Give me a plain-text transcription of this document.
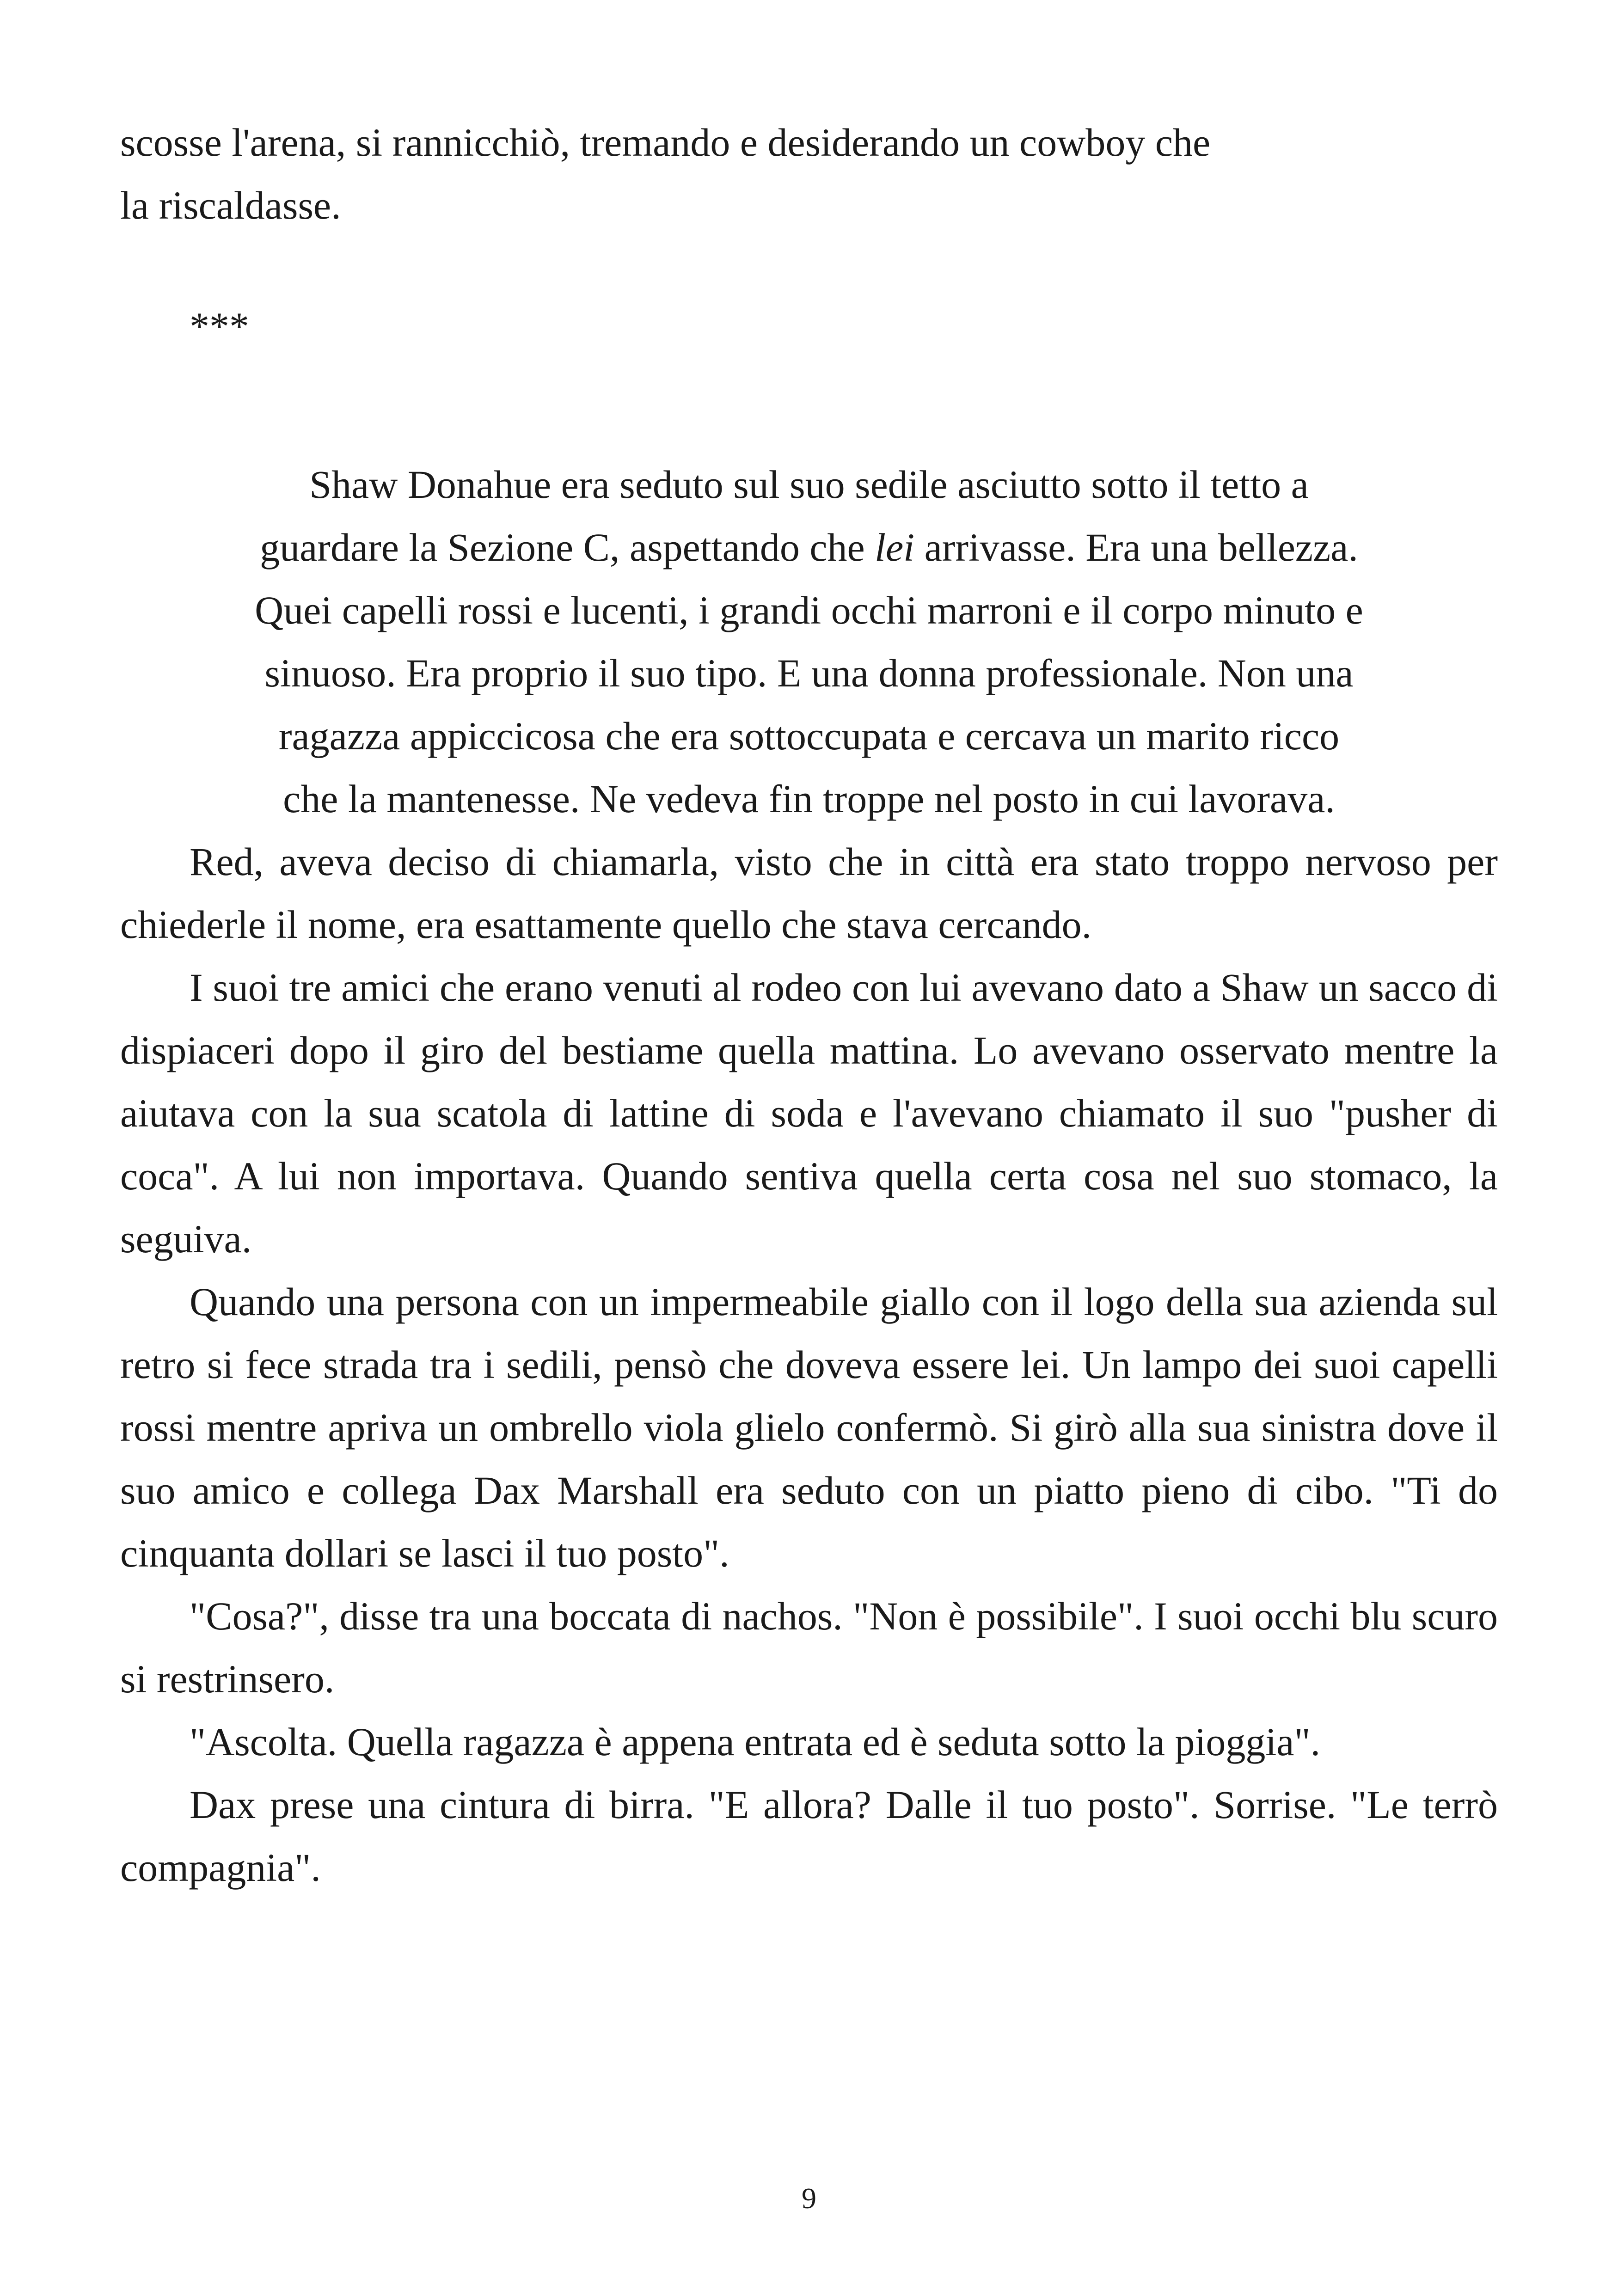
scosse l'arena, si rannicchiò, tremando e desiderando un cowboy che

la riscaldasse.

***

Shaw Donahue era seduto sul suo sedile asciutto sotto il tetto a

guardare la Sezione C, aspettando che lei arrivasse. Era una bellezza.

Quei capelli rossi e lucenti, i grandi occhi marroni e il corpo minuto e

sinuoso. Era proprio il suo tipo. E una donna professionale. Non una

ragazza appiccicosa che era sottoccupata e cercava un marito ricco

che la mantenesse. Ne vedeva fin troppe nel posto in cui lavorava.

Red, aveva deciso di chiamarla, visto che in città era stato troppo nervoso per chiederle il nome, era esattamente quello che stava cercando.

I suoi tre amici che erano venuti al rodeo con lui avevano dato a Shaw un sacco di dispiaceri dopo il giro del bestiame quella mattina. Lo avevano osservato mentre la aiutava con la sua scatola di lattine di soda e l'avevano chiamato il suo "pusher di coca". A lui non importava. Quando sentiva quella certa cosa nel suo stomaco, la seguiva.

Quando una persona con un impermeabile giallo con il logo della sua azienda sul retro si fece strada tra i sedili, pensò che doveva essere lei. Un lampo dei suoi capelli rossi mentre apriva un ombrello viola glielo confermò. Si girò alla sua sinistra dove il suo amico e collega Dax Marshall era seduto con un piatto pieno di cibo. "Ti do cinquanta dollari se lasci il tuo posto".

"Cosa?", disse tra una boccata di nachos. "Non è possibile". I suoi occhi blu scuro si restrinsero.

"Ascolta. Quella ragazza è appena entrata ed è seduta sotto la pioggia".

Dax prese una cintura di birra. "E allora? Dalle il tuo posto". Sorrise. "Le terrò compagnia".

9
